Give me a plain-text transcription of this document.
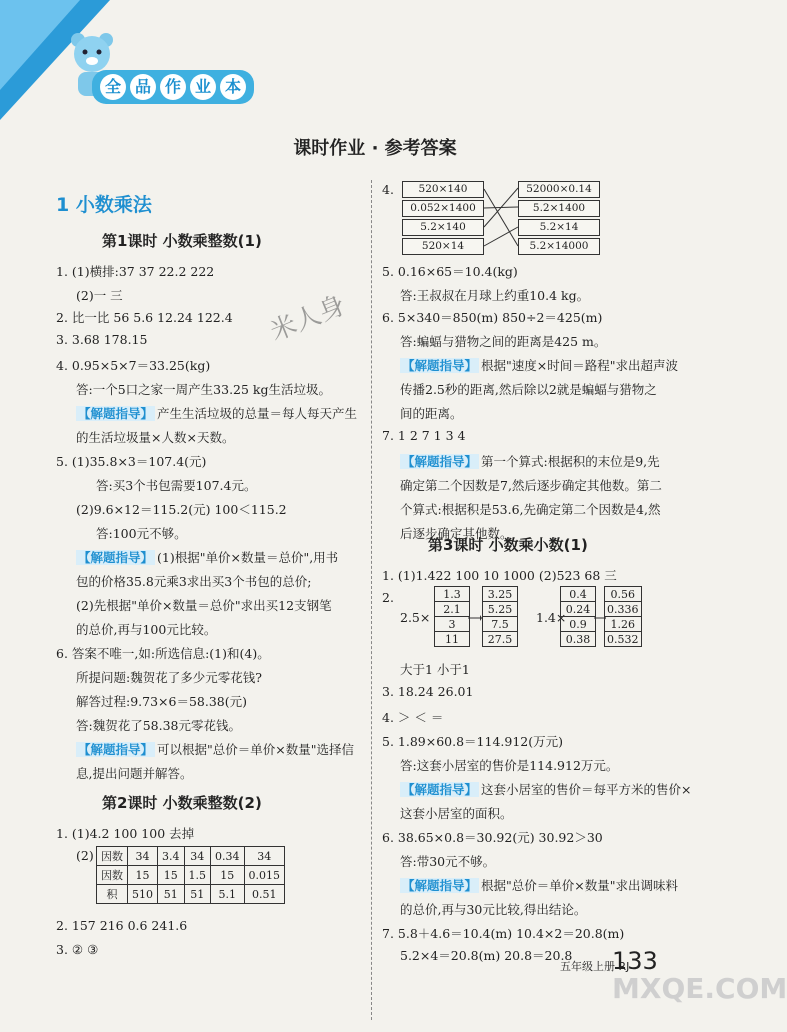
全 品 作 业 本
课时作业 · 参考答案
米人身
1 小数乘法
第1课时 小数乘整数(1)
1. (1)横排:37 37 22.2 222
(2)一 三
2. 比一比 56 5.6 12.24 122.4
3. 3.68 178.15
4. 0.95×5×7＝33.25(kg)
答:一个5口之家一周产生33.25 kg生活垃圾。
【解题指导】 产生生活垃圾的总量＝每人每天产生
的生活垃圾量×人数×天数。
5. (1)35.8×3＝107.4(元)
答:买3个书包需要107.4元。
(2)9.6×12＝115.2(元) 100＜115.2
答:100元不够。
【解题指导】 (1)根据"单价×数量＝总价",用书
包的价格35.8元乘3求出买3个书包的总价;
(2)先根据"单价×数量＝总价"求出买12支钢笔
的总价,再与100元比较。
6. 答案不唯一,如:所选信息:(1)和(4)。
所提问题:魏贺花了多少元零花钱?
解答过程:9.73×6＝58.38(元)
答:魏贺花了58.38元零花钱。
【解题指导】 可以根据"总价＝单价×数量"选择信
息,提出问题并解答。
第2课时 小数乘整数(2)
1. (1)4.2 100 100 去掉
(2) 因数	34	3.4	34	0.34	34
因数	15	15	1.5	15	0.015
积	510	51	51	5.1	0.51
2. 157 216 0.6 241.6
3. ② ③
4.	520×140
0.052×1400
5.2×140
520×14
52000×0.14
5.2×1400
5.2×14
5.2×14000
5. 0.16×65＝10.4(kg)
答:王叔叔在月球上约重10.4 kg。
6. 5×340＝850(m) 850÷2＝425(m)
答:蝙蝠与猎物之间的距离是425 m。
【解题指导】 根据"速度×时间＝路程"求出超声波
传播2.5秒的距离,然后除以2就是蝙蝠与猎物之
间的距离。
7. 1 2 7 1 3 4
【解题指导】 第一个算式:根据积的末位是9,先
确定第二个因数是7,然后逐步确定其他数。第二
个算式:根据积是53.6,先确定第二个因数是4,然
后逐步确定其他数。
第3课时 小数乘小数(1)
1. (1)1.422 100 10 1000 (2)523 68 三
2.
2.5×
1.3
2.1
3
11
3.25
5.25
7.5
27.5
1.4×
0.4
0.24
0.9
0.38
0.56
0.336
1.26
0.532
大于1 小于1
3. 18.24 26.01
4. ＞ ＜ ＝
5. 1.89×60.8＝114.912(万元)
答:这套小居室的售价是114.912万元。
【解题指导】 这套小居室的售价＝每平方米的售价×
这套小居室的面积。
6. 38.65×0.8＝30.92(元) 30.92＞30
答:带30元不够。
【解题指导】 根据"总价＝单价×数量"求出调味料
的总价,再与30元比较,得出结论。
7. 5.8＋4.6＝10.4(m) 10.4×2＝20.8(m)
5.2×4＝20.8(m) 20.8＝20.8
五年级上册 RJ
133
MXQE.COM
